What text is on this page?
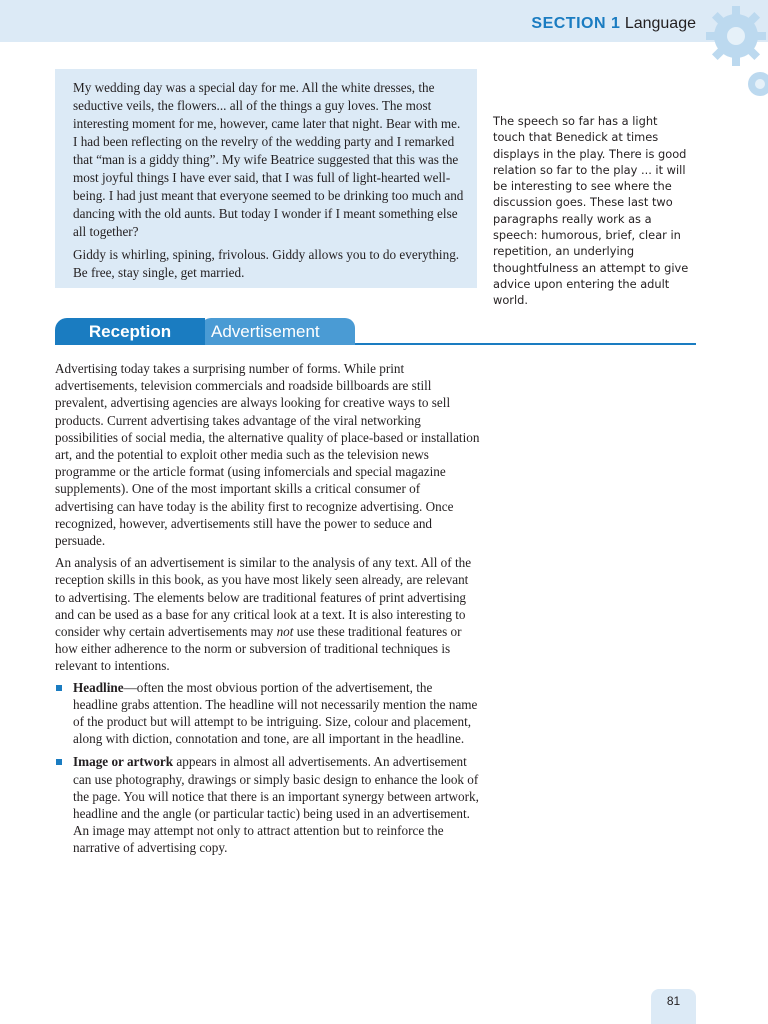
SECTION 1 Language

My wedding day was a special day for me. All the white dresses, the seductive veils, the flowers... all of the things a guy loves. The most interesting moment for me, however, came later that night. Bear with me. I had been reflecting on the revelry of the wedding party and I remarked that “man is a giddy thing”. My wife Beatrice suggested that this was the most joyful things I have ever said, that I was full of light-hearted well-being. I had just meant that everyone seemed to be drinking too much and dancing with the old aunts. But today I wonder if I meant something else all together?

Giddy is whirling, spining, frivolous. Giddy allows you to do everything. Be free, stay single, get married.

The speech so far has a light touch that Benedick at times displays in the play. There is good relation so far to the play ... it will be interesting to see where the discussion goes. These last two paragraphs really work as a speech: humorous, brief, clear in repetition, an underlying thoughtfulness an attempt to give advice upon entering the adult world.
Advertisement
Reception

Advertising today takes a surprising number of forms. While print advertisements, television commercials and roadside billboards are still prevalent, advertising agencies are always looking for creative ways to sell products. Current advertising takes advantage of the viral networking possibilities of social media, the alternative quality of place-based or installation art, and the potential to exploit other media such as the television news programme or the article format (using infomercials and special magazine supplements). One of the most important skills a critical consumer of advertising can have today is the ability first to recognize advertising. Once recognized, however, advertisements still have the power to seduce and persuade.

An analysis of an advertisement is similar to the analysis of any text. All of the reception skills in this book, as you have most likely seen already, are relevant to advertising. The elements below are traditional features of print advertising and can be used as a base for any critical look at a text. It is also interesting to consider why certain advertisements may not use these traditional features or how either adherence to the norm or subversion of traditional techniques is relevant to intentions.

Headline—often the most obvious portion of the advertisement, the headline grabs attention. The headline will not necessarily mention the name of the product but will attempt to be intriguing. Size, colour and placement, along with diction, connotation and tone, are all important in the headline.
Image or artwork appears in almost all advertisements. An advertisement can use photography, drawings or simply basic design to enhance the look of the page. You will notice that there is an important synergy between artwork, headline and the angle (or particular tactic) being used in an advertisement. An image may attempt not only to attract attention but to reinforce the narrative of advertising copy.
81
